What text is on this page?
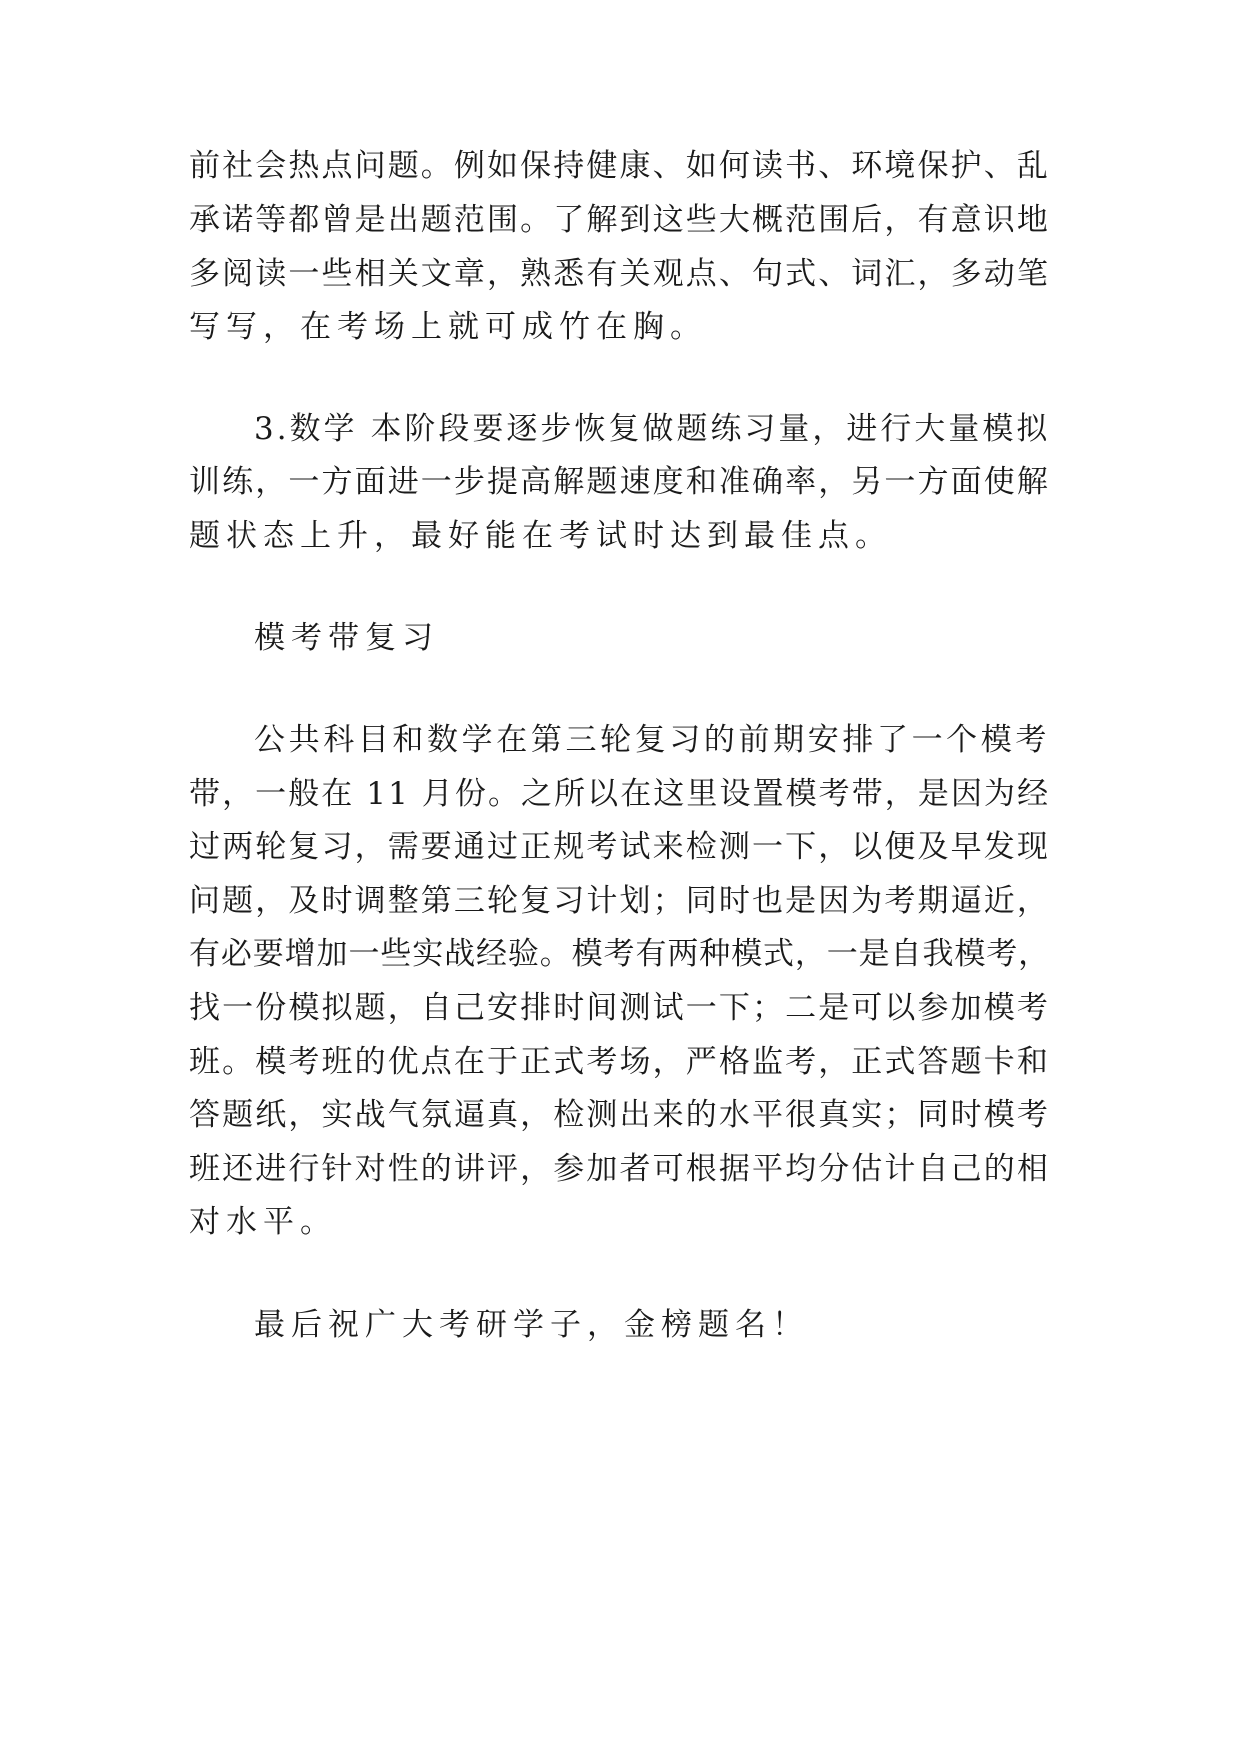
前社会热点问题。例如保持健康、如何读书、环境保护、乱
承诺等都曾是出题范围。了解到这些大概范围后，有意识地
多阅读一些相关文章，熟悉有关观点、句式、词汇，多动笔
写写，在考场上就可成竹在胸。
3.数学 本阶段要逐步恢复做题练习量，进行大量模拟
训练，一方面进一步提高解题速度和准确率，另一方面使解
题状态上升，最好能在考试时达到最佳点。
模考带复习
公共科目和数学在第三轮复习的前期安排了一个模考
带，一般在 11 月份。之所以在这里设置模考带，是因为经
过两轮复习，需要通过正规考试来检测一下，以便及早发现
问题，及时调整第三轮复习计划；同时也是因为考期逼近，
有必要增加一些实战经验。模考有两种模式，一是自我模考，
找一份模拟题，自己安排时间测试一下；二是可以参加模考
班。模考班的优点在于正式考场，严格监考，正式答题卡和
答题纸，实战气氛逼真，检测出来的水平很真实；同时模考
班还进行针对性的讲评，参加者可根据平均分估计自己的相
对水平。
最后祝广大考研学子，金榜题名！
